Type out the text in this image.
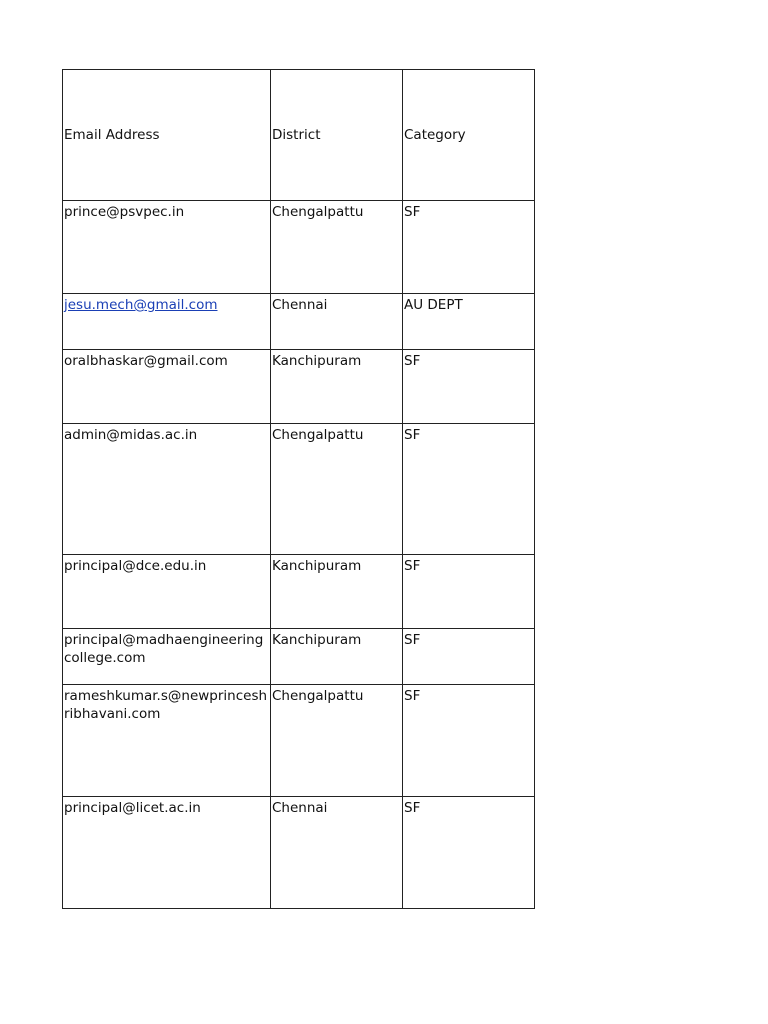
Email Address	District	Category
prince@psvpec.in	Chengalpattu	SF
jesu.mech@gmail.com	Chennai	AU DEPT
oralbhaskar@gmail.com	Kanchipuram	SF
admin@midas.ac.in	Chengalpattu	SF
principal@dce.edu.in	Kanchipuram	SF
principal@madhaengineeringcollege.com	Kanchipuram	SF
rameshkumar.s@newprinceshribhavani.com	Chengalpattu	SF
principal@licet.ac.in	Chennai	SF
